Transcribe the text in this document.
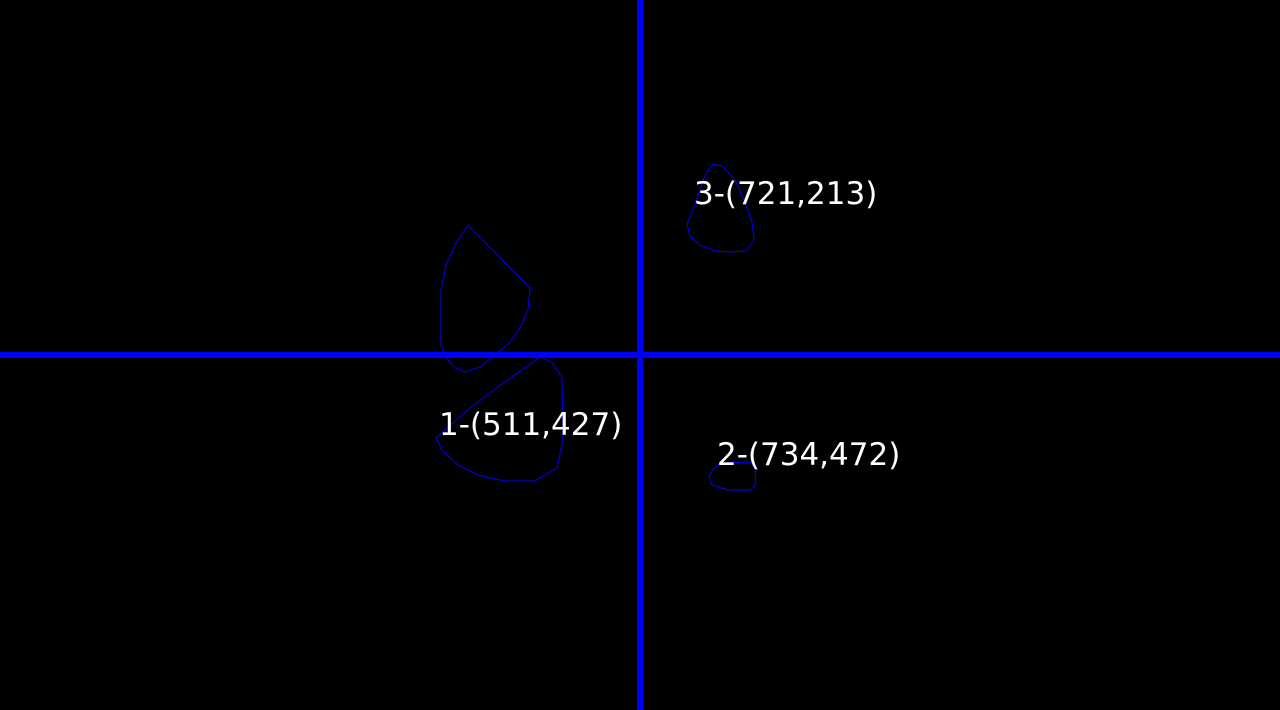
1-(511,427)
2-(734,472)
3-(721,213)
